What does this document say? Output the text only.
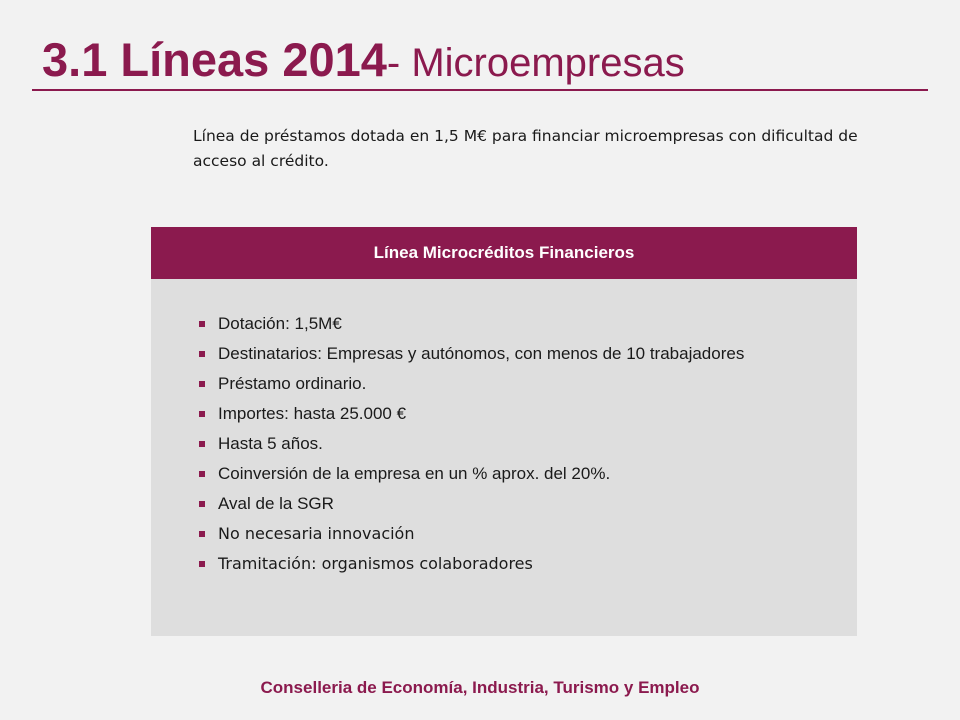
3.1 Líneas 2014- Microempresas

Línea de préstamos dotada en 1,5 M€ para financiar microempresas con dificultad de acceso al crédito.

Línea Microcréditos Financieros
Dotación: 1,5M€
Destinatarios: Empresas y autónomos, con menos de 10 trabajadores
Préstamo ordinario.
Importes: hasta 25.000 €
Hasta 5 años.
Coinversión de la empresa en un % aprox. del 20%.
Aval de la SGR
No necesaria innovación
Tramitación: organismos colaboradores

Conselleria de Economía, Industria, Turismo y Empleo
